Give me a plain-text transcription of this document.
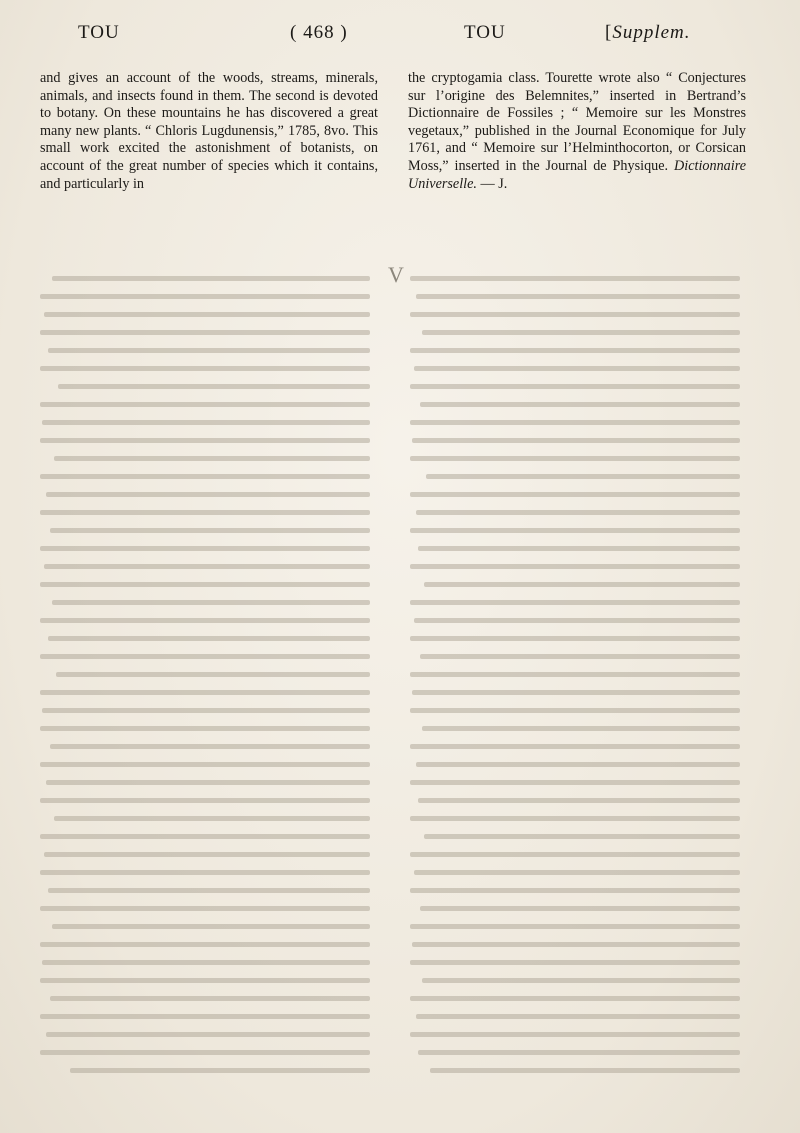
TOU	( 468 )	TOU	[Supplem.

and gives an account of the woods, streams, minerals, animals, and insects found in them. The second is devoted to botany. On these mountains he has discovered a great many new plants. “ Chloris Lugdunensis,” 1785, 8vo. This small work excited the astonishment of botanists, on account of the great number of species which it contains, and particularly in

the cryptogamia class. Tourette wrote also “ Conjectures sur l’origine des Belemnites,” inserted in Bertrand’s Dictionnaire de Fossiles ; “ Memoire sur les Monstres vegetaux,” published in the Journal Economique for July 1761, and “ Memoire sur l’Helminthocorton, or Corsican Moss,” inserted in the Journal de Physique. Dictionnaire Universelle. — J.

V
